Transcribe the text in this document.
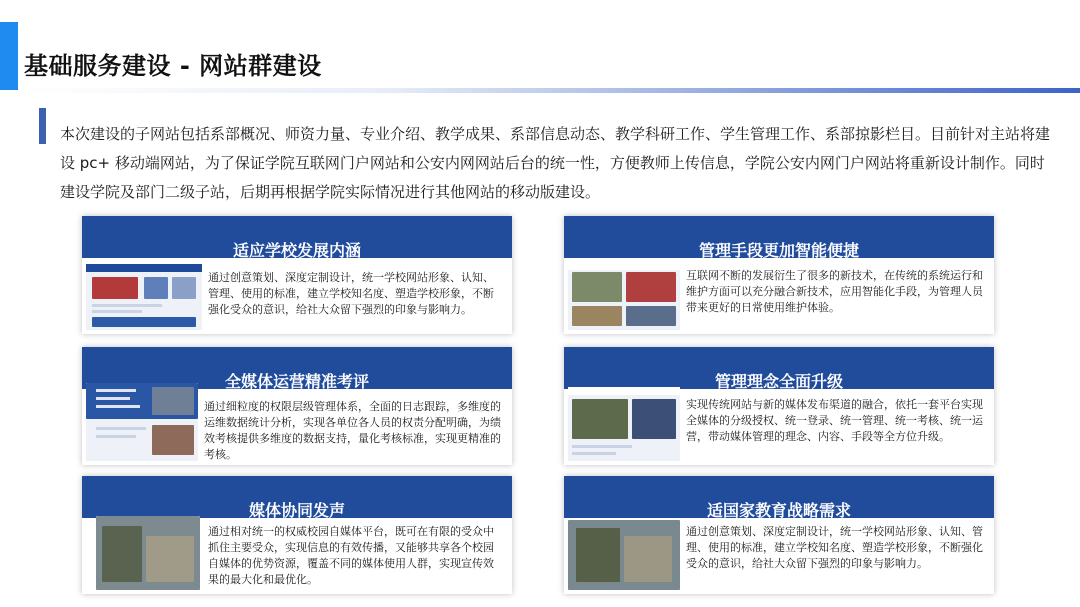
基础服务建设 - 网站群建设
本次建设的子网站包括系部概况、师资力量、专业介绍、教学成果、系部信息动态、教学科研工作、学生管理工作、系部掠影栏目。目前针对主站将建设 pc+ 移动端网站，为了保证学院互联网门户网站和公安内网网站后台的统一性，方便教师上传信息，学院公安内网门户网站将重新设计制作。同时建设学院及部门二级子站，后期再根据学院实际情况进行其他网站的移动版建设。
适应学校发展内涵
通过创意策划、深度定制设计，统一学校网站形象、认知、管理、使用的标准，建立学校知名度、塑造学校形象，不断强化受众的意识，给社大众留下强烈的印象与影响力。
管理手段更加智能便捷
互联网不断的发展衍生了很多的新技术，在传统的系统运行和维护方面可以充分融合新技术，应用智能化手段，为管理人员带来更好的日常使用维护体验。
全媒体运营精准考评
通过细粒度的权限层级管理体系，全面的日志跟踪，多维度的运维数据统计分析，实现各单位各人员的权责分配明确，为绩效考核提供多维度的数据支持，量化考核标准，实现更精准的考核。
管理理念全面升级
实现传统网站与新的媒体发布渠道的融合，依托一套平台实现全媒体的分级授权、统一登录、统一管理、统一考核、统一运营，带动媒体管理的理念、内容、手段等全方位升级。
媒体协同发声
通过相对统一的权威校园自媒体平台，既可在有限的受众中抓住主要受众，实现信息的有效传播，又能够共享各个校园自媒体的优势资源，覆盖不同的媒体使用人群，实现宣传效果的最大化和最优化。
适国家教育战略需求
通过创意策划、深度定制设计，统一学校网站形象、认知、管理、使用的标准，建立学校知名度、塑造学校形象，不断强化受众的意识，给社大众留下强烈的印象与影响力。
